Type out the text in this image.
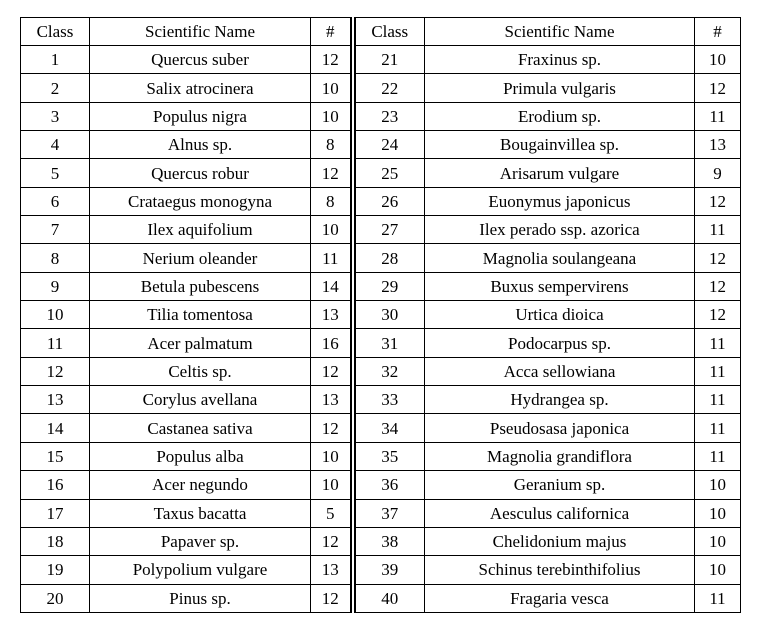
Class	Scientific Name	#	Class	Scientific Name	#
1	Quercus suber	12	21	Fraxinus sp.	10
2	Salix atrocinera	10	22	Primula vulgaris	12
3	Populus nigra	10	23	Erodium sp.	11
4	Alnus sp.	8	24	Bougainvillea sp.	13
5	Quercus robur	12	25	Arisarum vulgare	9
6	Crataegus monogyna	8	26	Euonymus japonicus	12
7	Ilex aquifolium	10	27	Ilex perado ssp. azorica	11
8	Nerium oleander	11	28	Magnolia soulangeana	12
9	Betula pubescens	14	29	Buxus sempervirens	12
10	Tilia tomentosa	13	30	Urtica dioica	12
11	Acer palmatum	16	31	Podocarpus sp.	11
12	Celtis sp.	12	32	Acca sellowiana	11
13	Corylus avellana	13	33	Hydrangea sp.	11
14	Castanea sativa	12	34	Pseudosasa japonica	11
15	Populus alba	10	35	Magnolia grandiflora	11
16	Acer negundo	10	36	Geranium sp.	10
17	Taxus bacatta	5	37	Aesculus californica	10
18	Papaver sp.	12	38	Chelidonium majus	10
19	Polypolium vulgare	13	39	Schinus terebinthifolius	10
20	Pinus sp.	12	40	Fragaria vesca	11
